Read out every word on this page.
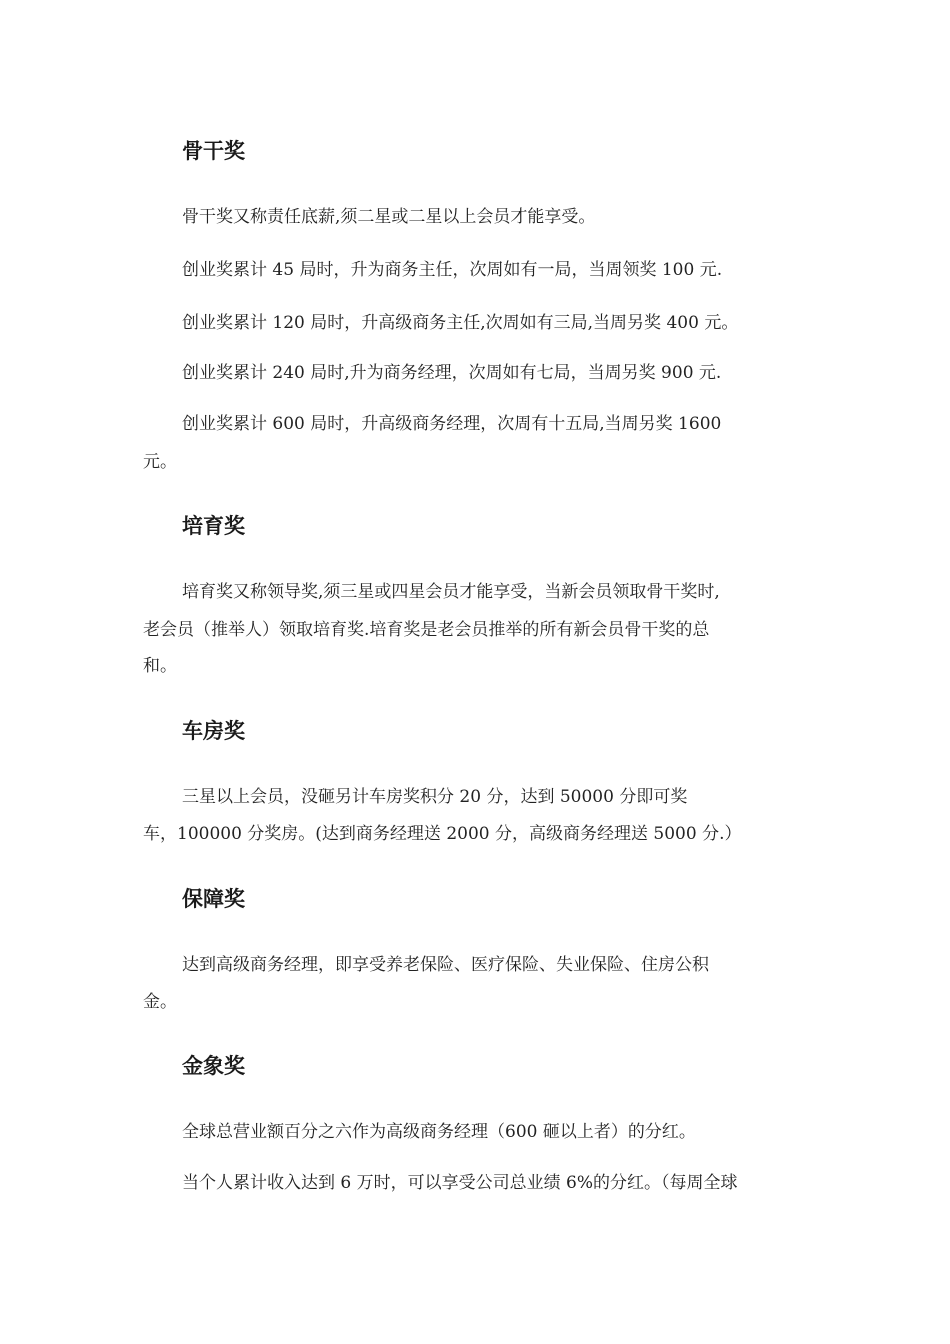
骨干奖
骨干奖又称责任底薪,须二星或二星以上会员才能享受。
创业奖累计 45 局时，升为商务主任，次周如有一局，当周领奖 100 元.
创业奖累计 120 局时，升高级商务主任,次周如有三局,当周另奖 400 元。
创业奖累计 240 局时,升为商务经理，次周如有七局，当周另奖 900 元.
创业奖累计 600 局时，升高级商务经理，次周有十五局,当周另奖 1600
元。
培育奖
培育奖又称领导奖,须三星或四星会员才能享受，当新会员领取骨干奖时,
老会员（推举人）领取培育奖.培育奖是老会员推举的所有新会员骨干奖的总
和。
车房奖
三星以上会员，没砸另计车房奖积分 20 分，达到 50000 分即可奖
车，100000 分奖房。(达到商务经理送 2000 分，高级商务经理送 5000 分.）
保障奖
达到高级商务经理，即享受养老保险、医疗保险、失业保险、住房公积
金。
金象奖
全球总营业额百分之六作为高级商务经理（600 砸以上者）的分红。
当个人累计收入达到 6 万时，可以享受公司总业绩 6%的分红。（每周全球
